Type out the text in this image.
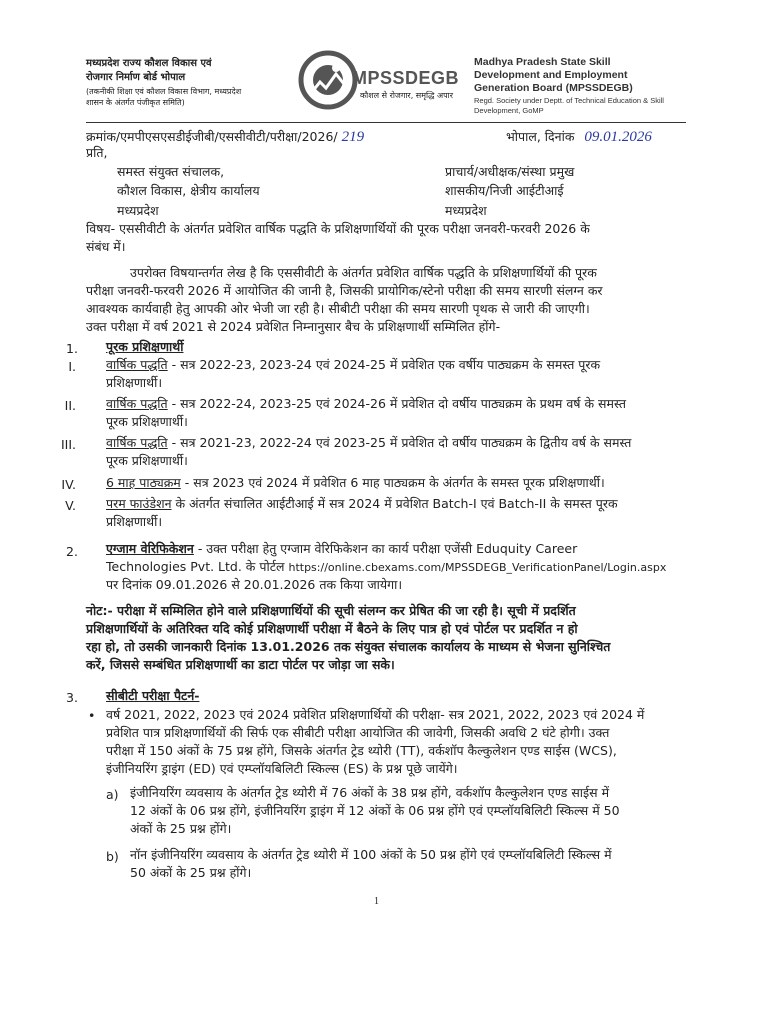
मध्यप्रदेश राज्य कौशल विकास एवं
रोजगार निर्माण बोर्ड भोपाल
(तकनीकी शिक्षा एवं कौशल विकास विभाग, मध्यप्रदेश
शासन के अंतर्गत पंजीकृत समिति)
MPSSDEGB
कौशल से रोजगार, समृद्धि अपार
Madhya Pradesh State Skill
Development and Employment
Generation Board (MPSSDEGB)
Regd. Society under Deptt. of Technical Education & Skill
Development, GoMP
क्रमांक/एमपीएसएसडीईजीबी/एससीवीटी/परीक्षा/2026/ 219	भोपाल, दिनांक 09.01.2026
प्रति,
समस्त संयुक्त संचालक,
कौशल विकास, क्षेत्रीय कार्यालय
मध्यप्रदेश
प्राचार्य/अधीक्षक/संस्था प्रमुख
शासकीय/निजी आईटीआई
मध्यप्रदेश
विषय- एससीवीटी के अंतर्गत प्रवेशित वार्षिक पद्धति के प्रशिक्षणार्थियों की पूरक परीक्षा जनवरी-फरवरी 2026 के
संबंध में।
उपरोक्त विषयान्तर्गत लेख है कि एससीवीटी के अंतर्गत प्रवेशित वार्षिक पद्धति के प्रशिक्षणार्थियों की पूरक
परीक्षा जनवरी-फरवरी 2026 में आयोजित की जानी है, जिसकी प्रायोगिक/स्टेनो परीक्षा की समय सारणी संलग्न कर
आवश्यक कार्यवाही हेतु आपकी ओर भेजी जा रही है। सीबीटी परीक्षा की समय सारणी पृथक से जारी की जाएगी।
उक्त परीक्षा में वर्ष 2021 से 2024 प्रवेशित निम्नानुसार बैच के प्रशिक्षणार्थी सम्मिलित होंगे-
1. पूरक प्रशिक्षणार्थी
I. वार्षिक पद्धति - सत्र 2022-23, 2023-24 एवं 2024-25 में प्रवेशित एक वर्षीय पाठ्यक्रम के समस्त पूरक
प्रशिक्षणार्थी।
II. वार्षिक पद्धति - सत्र 2022-24, 2023-25 एवं 2024-26 में प्रवेशित दो वर्षीय पाठ्यक्रम के प्रथम वर्ष के समस्त
पूरक प्रशिक्षणार्थी।
III. वार्षिक पद्धति - सत्र 2021-23, 2022-24 एवं 2023-25 में प्रवेशित दो वर्षीय पाठ्यक्रम के द्वितीय वर्ष के समस्त
पूरक प्रशिक्षणार्थी।
IV. 6 माह पाठ्यक्रम - सत्र 2023 एवं 2024 में प्रवेशित 6 माह पाठ्यक्रम के अंतर्गत के समस्त पूरक प्रशिक्षणार्थी।
V. परम फाउंडेशन के अंतर्गत संचालित आईटीआई में सत्र 2024 में प्रवेशित Batch-I एवं Batch-II के समस्त पूरक
प्रशिक्षणार्थी।
2. एग्जाम वेरिफिकेशन - उक्त परीक्षा हेतु एग्जाम वेरिफिकेशन का कार्य परीक्षा एजेंसी Eduquity Career
Technologies Pvt. Ltd. के पोर्टल https://online.cbexams.com/MPSSDEGB_VerificationPanel/Login.aspx
पर दिनांक 09.01.2026 से 20.01.2026 तक किया जायेगा।
नोट:- परीक्षा में सम्मिलित होने वाले प्रशिक्षणार्थियों की सूची संलग्न कर प्रेषित की जा रही है। सूची में प्रदर्शित
प्रशिक्षणार्थियों के अतिरिक्त यदि कोई प्रशिक्षणार्थी परीक्षा में बैठने के लिए पात्र हो एवं पोर्टल पर प्रदर्शित न हो
रहा हो, तो उसकी जानकारी दिनांक 13.01.2026 तक संयुक्त संचालक कार्यालय के माध्यम से भेजना सुनिश्चित
करें, जिससे सम्बंधित प्रशिक्षणार्थी का डाटा पोर्टल पर जोड़ा जा सके।
3. सीबीटी परीक्षा पैटर्न-
• वर्ष 2021, 2022, 2023 एवं 2024 प्रवेशित प्रशिक्षणार्थियों की परीक्षा- सत्र 2021, 2022, 2023 एवं 2024 में
प्रवेशित पात्र प्रशिक्षणार्थियों की सिर्फ एक सीबीटी परीक्षा आयोजित की जावेगी, जिसकी अवधि 2 घंटे होगी। उक्त
परीक्षा में 150 अंकों के 75 प्रश्न होंगे, जिसके अंतर्गत ट्रेड थ्योरी (TT), वर्कशॉप कैल्कुलेशन एण्ड साईस (WCS),
इंजीनियरिंग ड्राइंग (ED) एवं एम्प्लॉयबिलिटी स्किल्स (ES) के प्रश्न पूछे जायेंगे।
a) इंजीनियरिंग व्यवसाय के अंतर्गत ट्रेड थ्योरी में 76 अंकों के 38 प्रश्न होंगे, वर्कशॉप कैल्कुलेशन एण्ड साईस में
12 अंकों के 06 प्रश्न होंगे, इंजीनियरिंग ड्राइंग में 12 अंकों के 06 प्रश्न होंगे एवं एम्प्लॉयबिलिटी स्किल्स में 50
अंकों के 25 प्रश्न होंगे।
b) नॉन इंजीनियरिंग व्यवसाय के अंतर्गत ट्रेड थ्योरी में 100 अंकों के 50 प्रश्न होंगे एवं एम्प्लॉयबिलिटी स्किल्स में
50 अंकों के 25 प्रश्न होंगे।
1
